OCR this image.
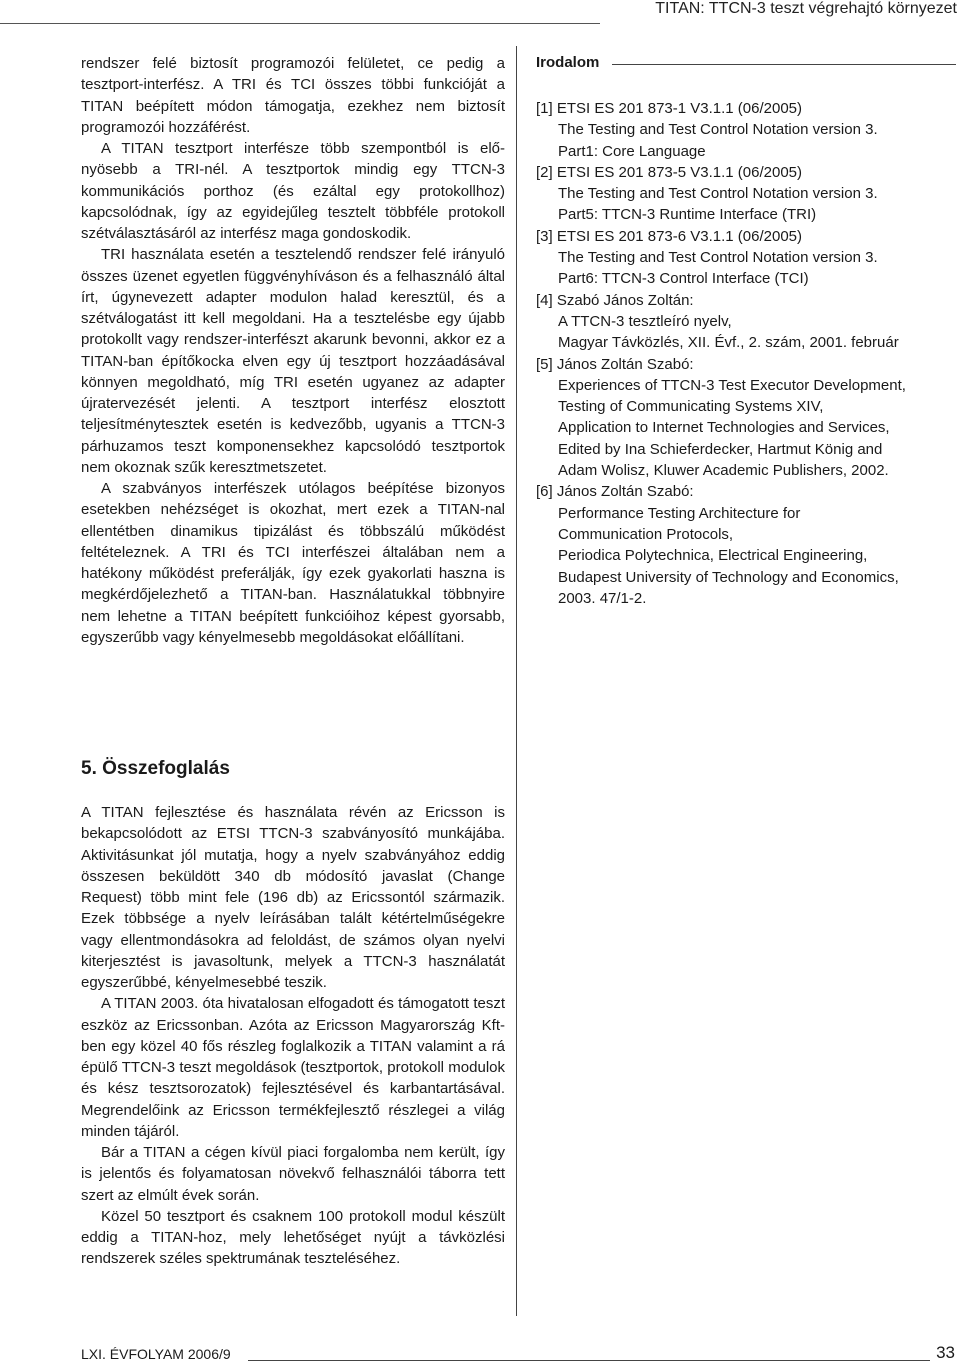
TITAN: TTCN-3 teszt végrehajtó környezet

rendszer felé biztosít programozói felületet, ce pedig a tesztport-interfész. A TRI és TCI összes többi funkcióját a TITAN beépített módon támogatja, ezekhez nem biztosít programozói hozzáférést.

A TITAN tesztport interfésze több szempontból is előnyösebb a TRI-nél. A tesztportok mindig egy TTCN-3 kommunikációs porthoz (és ezáltal egy protokollhoz) kapcsolódnak, így az egyidejűleg tesztelt többféle protokoll szétválasztásáról az interfész maga gondoskodik.

TRI használata esetén a tesztelendő rendszer felé irányuló összes üzenet egyetlen függvényhíváson és a felhasználó által írt, úgynevezett adapter modulon halad keresztül, és a szétválogatást itt kell megoldani. Ha a tesztelésbe egy újabb protokollt vagy rendszer-interfészt akarunk bevonni, akkor ez a TITAN-ban építőkocka elven egy új tesztport hozzáadásával könnyen megoldható, míg TRI esetén ugyanez az adapter újratervezését jelenti. A tesztport interfész elosztott teljesítménytesztek esetén is kedvezőbb, ugyanis a TTCN-3 párhuzamos teszt komponensekhez kapcsolódó tesztportok nem okoznak szűk keresztmetszetet.

A szabványos interfészek utólagos beépítése bizonyos esetekben nehézséget is okozhat, mert ezek a TITAN-nal ellentétben dinamikus tipizálást és többszálú működést feltételeznek. A TRI és TCI interfészei általában nem a hatékony működést preferálják, így ezek gyakorlati haszna is megkérdőjelezhető a TITAN-ban. Használatukkal többnyire nem lehetne a TITAN beépített funkcióihoz képest gyorsabb, egyszerűbb vagy kényelmesebb megoldásokat előállítani.

Irodalom
[1] ETSI ES 201 873-1 V3.1.1 (06/2005)
The Testing and Test Control Notation version 3.
Part1: Core Language
[2] ETSI ES 201 873-5 V3.1.1 (06/2005)
The Testing and Test Control Notation version 3.
Part5: TTCN-3 Runtime Interface (TRI)
[3] ETSI ES 201 873-6 V3.1.1 (06/2005)
The Testing and Test Control Notation version 3.
Part6: TTCN-3 Control Interface (TCI)
[4] Szabó János Zoltán:
A TTCN-3 tesztleíró nyelv,
Magyar Távközlés, XII. Évf., 2. szám, 2001. február
[5] János Zoltán Szabó:
Experiences of TTCN-3 Test Executor Development,
Testing of Communicating Systems XIV,
Application to Internet Technologies and Services,
Edited by Ina Schieferdecker, Hartmut König and
Adam Wolisz, Kluwer Academic Publishers, 2002.
[6] János Zoltán Szabó:
Performance Testing Architecture for
Communication Protocols,
Periodica Polytechnica, Electrical Engineering,
Budapest University of Technology and Economics,
2003. 47/1-2.
5. Összefoglalás

A TITAN fejlesztése és használata révén az Ericsson is bekapcsolódott az ETSI TTCN-3 szabványosító munkájába. Aktivitásunkat jól mutatja, hogy a nyelv szabványához eddig összesen beküldött 340 db módosító javaslat (Change Request) több mint fele (196 db) az Ericssontól származik. Ezek többsége a nyelv leírásában talált kétértelműségekre vagy ellentmondásokra ad feloldást, de számos olyan nyelvi kiterjesztést is javasoltunk, melyek a TTCN-3 használatát egyszerűbbé, kényelmesebbé teszik.

A TITAN 2003. óta hivatalosan elfogadott és támogatott teszt eszköz az Ericssonban. Azóta az Ericsson Magyarország Kft-ben egy közel 40 fős részleg foglalkozik a TITAN valamint a rá épülő TTCN-3 teszt megoldások (tesztportok, protokoll modulok és kész tesztsorozatok) fejlesztésével és karbantartásával. Megrendelőink az Ericsson termékfejlesztő részlegei a világ minden tájáról.

Bár a TITAN a cégen kívül piaci forgalomba nem került, így is jelentős és folyamatosan növekvő felhasználói táborra tett szert az elmúlt évek során.

Közel 50 tesztport és csaknem 100 protokoll modul készült eddig a TITAN-hoz, mely lehetőséget nyújt a távközlési rendszerek széles spektrumának teszteléséhez.

LXI. ÉVFOLYAM 2006/9	33
